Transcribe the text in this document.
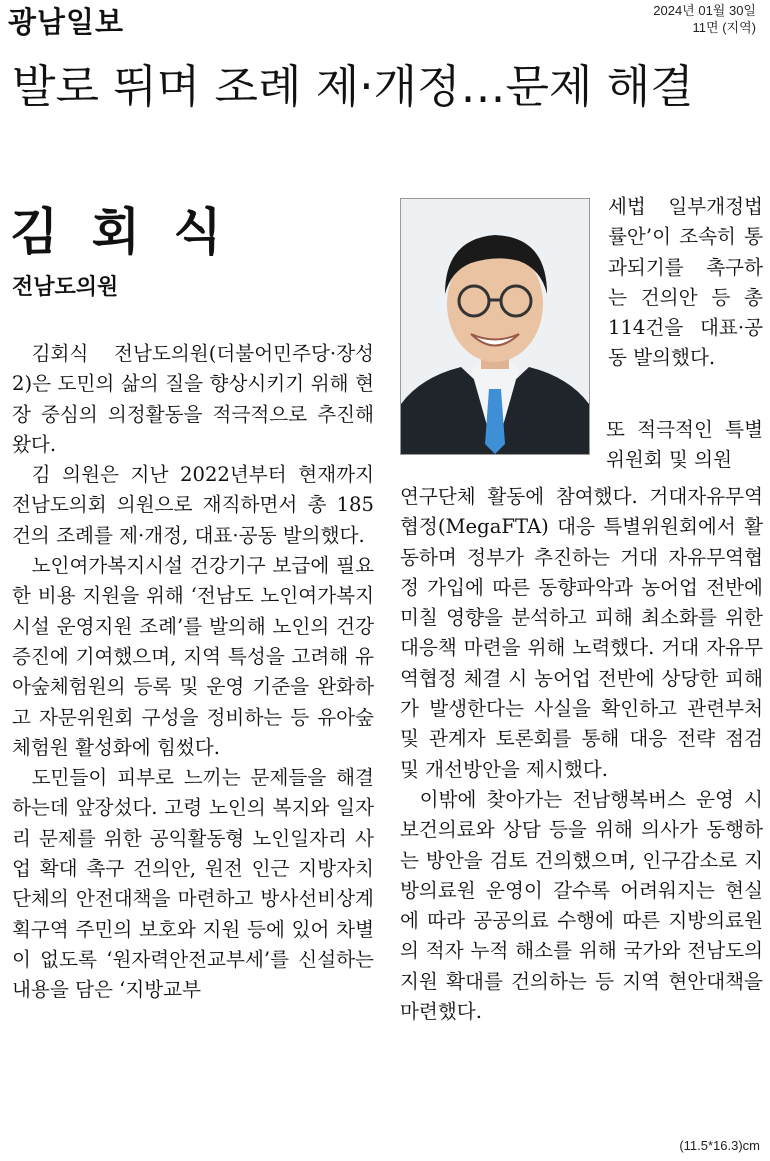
광남일보	2024년 01월 30일
11면 (지역)
발로 뛰며 조례 제·개정…문제 해결
김 회 식
전남도의원

김회식 전남도의원(더불어민주당·장성2)은 도민의 삶의 질을 향상시키기 위해 현장 중심의 의정활동을 적극적으로 추진해왔다.

김 의원은 지난 2022년부터 현재까지 전남도의회 의원으로 재직하면서 총 185건의 조례를 제·개정, 대표·공동 발의했다.

노인여가복지시설 건강기구 보급에 필요한 비용 지원을 위해 ‘전남도 노인여가복지시설 운영지원 조례’를 발의해 노인의 건강증진에 기여했으며, 지역 특성을 고려해 유아숲체험원의 등록 및 운영 기준을 완화하고 자문위원회 구성을 정비하는 등 유아숲체험원 활성화에 힘썼다.

도민들이 피부로 느끼는 문제들을 해결하는데 앞장섰다. 고령 노인의 복지와 일자리 문제를 위한 공익활동형 노인일자리 사업 확대 촉구 건의안, 원전 인근 지방자치단체의 안전대책을 마련하고 방사선비상계획구역 주민의 보호와 지원 등에 있어 차별이 없도록 ‘원자력안전교부세’를 신설하는 내용을 담은 ‘지방교부

세법 일부개정법률안’이 조속히 통과되기를 촉구하는 건의안 등 총 114건을 대표·공동 발의했다.

또 적극적인 특별위원회 및 의원

연구단체 활동에 참여했다. 거대자유무역협정(MegaFTA) 대응 특별위원회에서 활동하며 정부가 추진하는 거대 자유무역협정 가입에 따른 동향파악과 농어업 전반에 미칠 영향을 분석하고 피해 최소화를 위한 대응책 마련을 위해 노력했다. 거대 자유무역협정 체결 시 농어업 전반에 상당한 피해가 발생한다는 사실을 확인하고 관련부처 및 관계자 토론회를 통해 대응 전략 점검 및 개선방안을 제시했다.

이밖에 찾아가는 전남행복버스 운영 시 보건의료와 상담 등을 위해 의사가 동행하는 방안을 검토 건의했으며, 인구감소로 지방의료원 운영이 갈수록 어려워지는 현실에 따라 공공의료 수행에 따른 지방의료원의 적자 누적 해소를 위해 국가와 전남도의 지원 확대를 건의하는 등 지역 현안대책을 마련했다.

(11.5*16.3)cm
